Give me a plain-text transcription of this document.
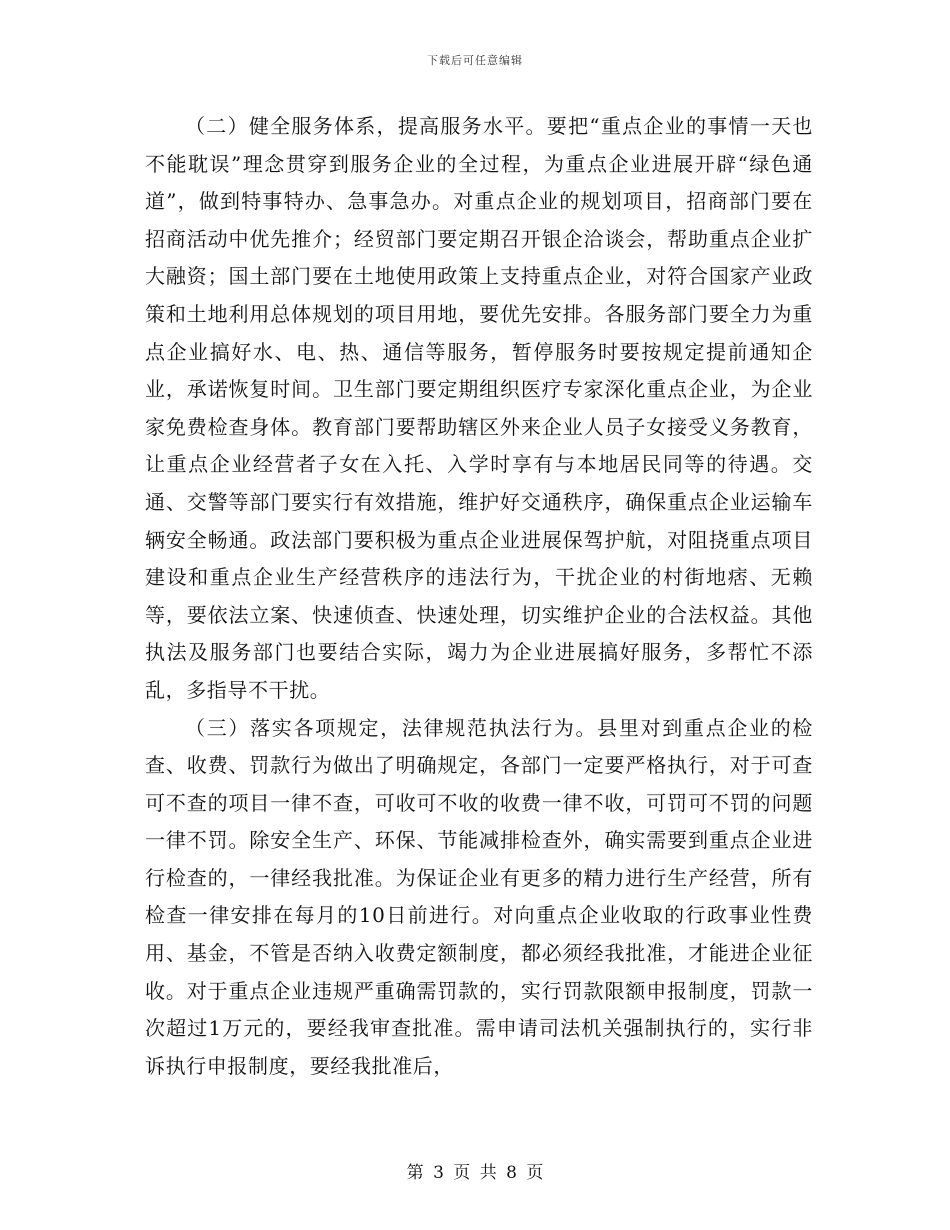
下载后可任意编辑

（二）健全服务体系，提高服务水平。要把“重点企业的事情一天也不能耽误”理念贯穿到服务企业的全过程，为重点企业进展开辟“绿色通道”，做到特事特办、急事急办。对重点企业的规划项目，招商部门要在招商活动中优先推介；经贸部门要定期召开银企洽谈会，帮助重点企业扩大融资；国土部门要在土地使用政策上支持重点企业，对符合国家产业政策和土地利用总体规划的项目用地，要优先安排。各服务部门要全力为重点企业搞好水、电、热、通信等服务，暂停服务时要按规定提前通知企业，承诺恢复时间。卫生部门要定期组织医疗专家深化重点企业，为企业家免费检查身体。教育部门要帮助辖区外来企业人员子女接受义务教育，让重点企业经营者子女在入托、入学时享有与本地居民同等的待遇。交通、交警等部门要实行有效措施，维护好交通秩序，确保重点企业运输车辆安全畅通。政法部门要积极为重点企业进展保驾护航，对阻挠重点项目建设和重点企业生产经营秩序的违法行为，干扰企业的村街地痞、无赖等，要依法立案、快速侦查、快速处理，切实维护企业的合法权益。其他执法及服务部门也要结合实际，竭力为企业进展搞好服务，多帮忙不添乱，多指导不干扰。

（三）落实各项规定，法律规范执法行为。县里对到重点企业的检查、收费、罚款行为做出了明确规定，各部门一定要严格执行，对于可查可不查的项目一律不查，可收可不收的收费一律不收，可罚可不罚的问题一律不罚。除安全生产、环保、节能减排检查外，确实需要到重点企业进行检查的，一律经我批准。为保证企业有更多的精力进行生产经营，所有检查一律安排在每月的10日前进行。对向重点企业收取的行政事业性费用、基金，不管是否纳入收费定额制度，都必须经我批准，才能进企业征收。对于重点企业违规严重确需罚款的，实行罚款限额申报制度，罚款一次超过1万元的，要经我审查批准。需申请司法机关强制执行的，实行非诉执行申报制度，要经我批准后，

第 3 页 共 8 页
